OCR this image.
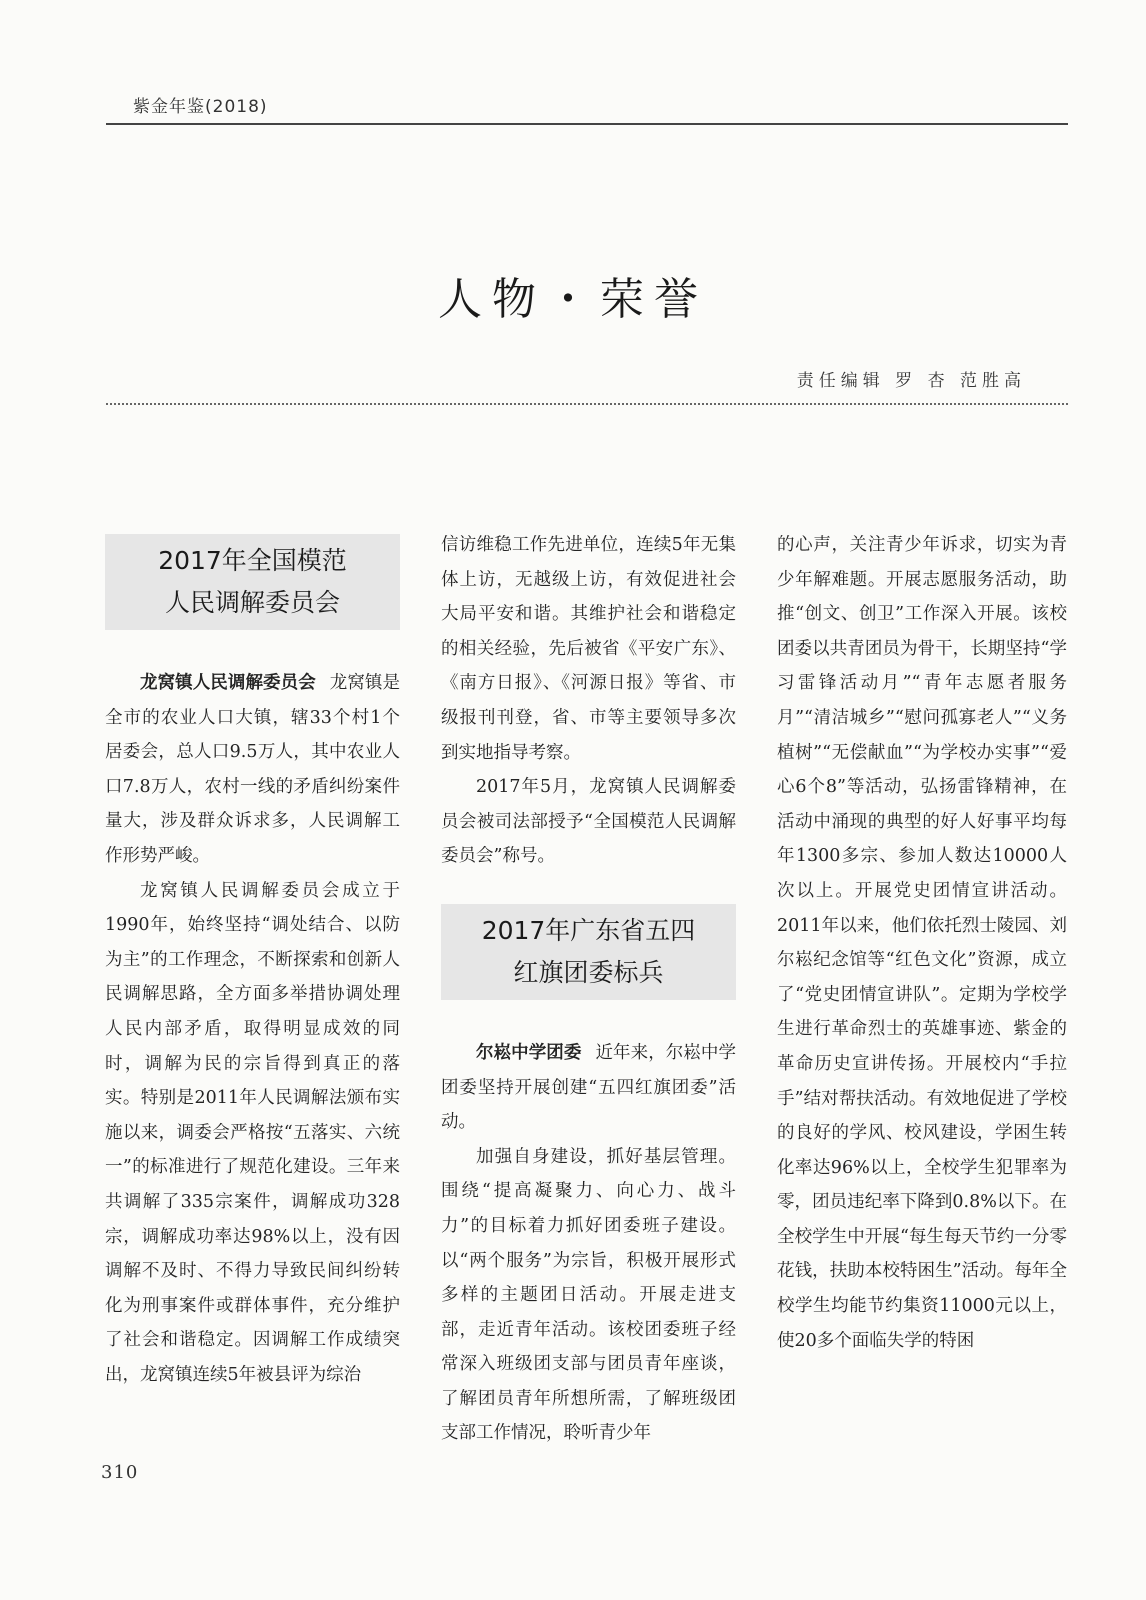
紫金年鉴(2018)
人物・荣誉
责任编辑 罗 杏 范胜高
2017年全国模范
人民调解委员会

龙窝镇人民调解委员会 龙窝镇是全市的农业人口大镇，辖33个村1个居委会，总人口9.5万人，其中农业人口7.8万人，农村一线的矛盾纠纷案件量大，涉及群众诉求多，人民调解工作形势严峻。

龙窝镇人民调解委员会成立于1990年，始终坚持“调处结合、以防为主”的工作理念，不断探索和创新人民调解思路，全方面多举措协调处理人民内部矛盾，取得明显成效的同时，调解为民的宗旨得到真正的落实。特别是2011年人民调解法颁布实施以来，调委会严格按“五落实、六统一”的标准进行了规范化建设。三年来共调解了335宗案件，调解成功328宗，调解成功率达98%以上，没有因调解不及时、不得力导致民间纠纷转化为刑事案件或群体事件，充分维护了社会和谐稳定。因调解工作成绩突出，龙窝镇连续5年被县评为综治

信访维稳工作先进单位，连续5年无集体上访，无越级上访，有效促进社会大局平安和谐。其维护社会和谐稳定的相关经验，先后被省《平安广东》、《南方日报》、《河源日报》等省、市级报刊刊登，省、市等主要领导多次到实地指导考察。

2017年5月，龙窝镇人民调解委员会被司法部授予“全国模范人民调解委员会”称号。

2017年广东省五四
红旗团委标兵

尔崧中学团委 近年来，尔崧中学团委坚持开展创建“五四红旗团委”活动。

加强自身建设，抓好基层管理。围绕“提高凝聚力、向心力、战斗力”的目标着力抓好团委班子建设。以“两个服务”为宗旨，积极开展形式多样的主题团日活动。开展走进支部，走近青年活动。该校团委班子经常深入班级团支部与团员青年座谈，了解团员青年所想所需，了解班级团支部工作情况，聆听青少年

的心声，关注青少年诉求，切实为青少年解难题。开展志愿服务活动，助推“创文、创卫”工作深入开展。该校团委以共青团员为骨干，长期坚持“学习雷锋活动月”“青年志愿者服务月”“清洁城乡”“慰问孤寡老人”“义务植树”“无偿献血”“为学校办实事”“爱心6个8”等活动，弘扬雷锋精神，在活动中涌现的典型的好人好事平均每年1300多宗、参加人数达10000人次以上。开展党史团情宣讲活动。2011年以来，他们依托烈士陵园、刘尔崧纪念馆等“红色文化”资源，成立了“党史团情宣讲队”。定期为学校学生进行革命烈士的英雄事迹、紫金的革命历史宣讲传扬。开展校内“手拉手”结对帮扶活动。有效地促进了学校的良好的学风、校风建设，学困生转化率达96%以上，全校学生犯罪率为零，团员违纪率下降到0.8%以下。在全校学生中开展“每生每天节约一分零花钱，扶助本校特困生”活动。每年全校学生均能节约集资11000元以上，使20多个面临失学的特困

310
